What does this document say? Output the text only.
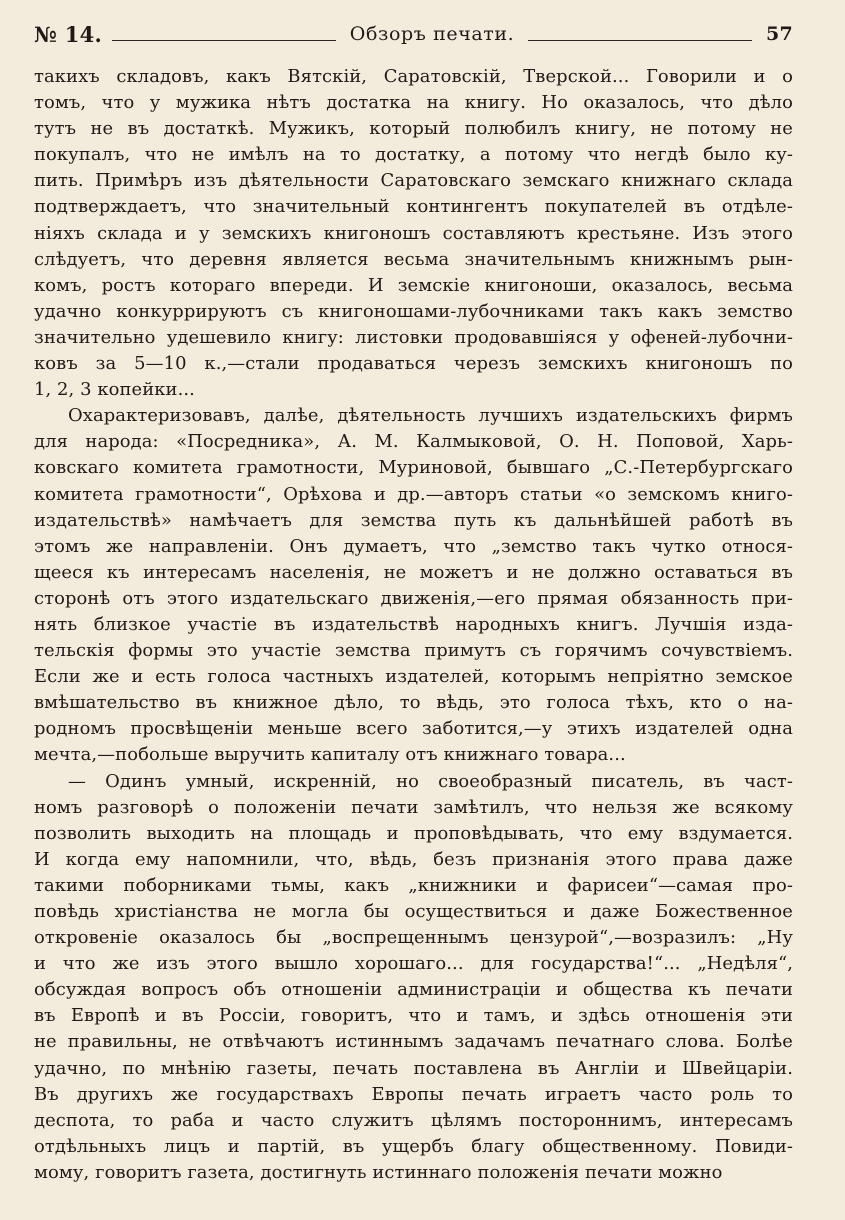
№ 14.	Обзоръ печати.	57
такихъ складовъ, какъ Вятскій, Саратовскій, Тверской... Говорили и о
томъ, что у мужика нѣтъ достатка на книгу. Но оказалось, что дѣло
тутъ не въ достаткѣ. Мужикъ, который полюбилъ книгу, не потому не
покупалъ, что не имѣлъ на то достатку, а потому что негдѣ было ку-
пить. Примѣръ изъ дѣятельности Саратовскаго земскаго книжнаго склада
подтверждаетъ, что значительный контингентъ покупателей въ отдѣле-
ніяхъ склада и у земскихъ книгоношъ составляютъ крестьяне. Изъ этого
слѣдуетъ, что деревня является весьма значительнымъ книжнымъ рын-
комъ, ростъ котораго впереди. И земскіе книгоноши, оказалось, весьма
удачно конкуррируютъ съ книгоношами-лубочниками такъ какъ земство
значительно удешевило книгу: листовки продовавшіяся у офеней-лубочни-
ковъ за 5—10 к.,—стали продаваться черезъ земскихъ книгоношъ по
1, 2, 3 копейки...
Охарактеризовавъ, далѣе, дѣятельность лучшихъ издательскихъ фирмъ
для народа: «Посредника», А. М. Калмыковой, О. Н. Поповой, Харь-
ковскаго комитета грамотности, Муриновой, бывшаго „С.-Петербургскаго
комитета грамотности“, Орѣхова и др.—авторъ статьи «о земскомъ книго-
издательствѣ» намѣчаетъ для земства путь къ дальнѣйшей работѣ въ
этомъ же направленіи. Онъ думаетъ, что „земство такъ чутко относя-
щееся къ интересамъ населенія, не можетъ и не должно оставаться въ
сторонѣ отъ этого издательскаго движенія,—его прямая обязанность при-
нять близкое участіе въ издательствѣ народныхъ книгъ. Лучшія изда-
тельскія формы это участіе земства примутъ съ горячимъ сочувствіемъ.
Если же и есть голоса частныхъ издателей, которымъ непріятно земское
вмѣшательство въ книжное дѣло, то вѣдь, это голоса тѣхъ, кто о на-
родномъ просвѣщеніи меньше всего заботится,—у этихъ издателей одна
мечта,—побольше выручить капиталу отъ книжнаго товара...
— Одинъ умный, искренній, но своеобразный писатель, въ част-
номъ разговорѣ о положеніи печати замѣтилъ, что нельзя же всякому
позволить выходить на площадь и проповѣдывать, что ему вздумается.
И когда ему напомнили, что, вѣдь, безъ признанія этого права даже
такими поборниками тьмы, какъ „книжники и фарисеи“—самая про-
повѣдь христіанства не могла бы осуществиться и даже Божественное
откровеніе оказалось бы „воспрещеннымъ цензурой“,—возразилъ: „Ну
и что же изъ этого вышло хорошаго... для государства!“... „Недѣля“,
обсуждая вопросъ объ отношеніи администраціи и общества къ печати
въ Европѣ и въ Россіи, говоритъ, что и тамъ, и здѣсь отношенія эти
не правильны, не отвѣчаютъ истиннымъ задачамъ печатнаго слова. Болѣе
удачно, по мнѣнію газеты, печать поставлена въ Англіи и Швейцаріи.
Въ другихъ же государствахъ Европы печать играетъ часто роль то
деспота, то раба и часто служитъ цѣлямъ постороннимъ, интересамъ
отдѣльныхъ лицъ и партій, въ ущербъ благу общественному. Повиди-
мому, говоритъ газета, достигнуть истиннаго положенія печати можно
